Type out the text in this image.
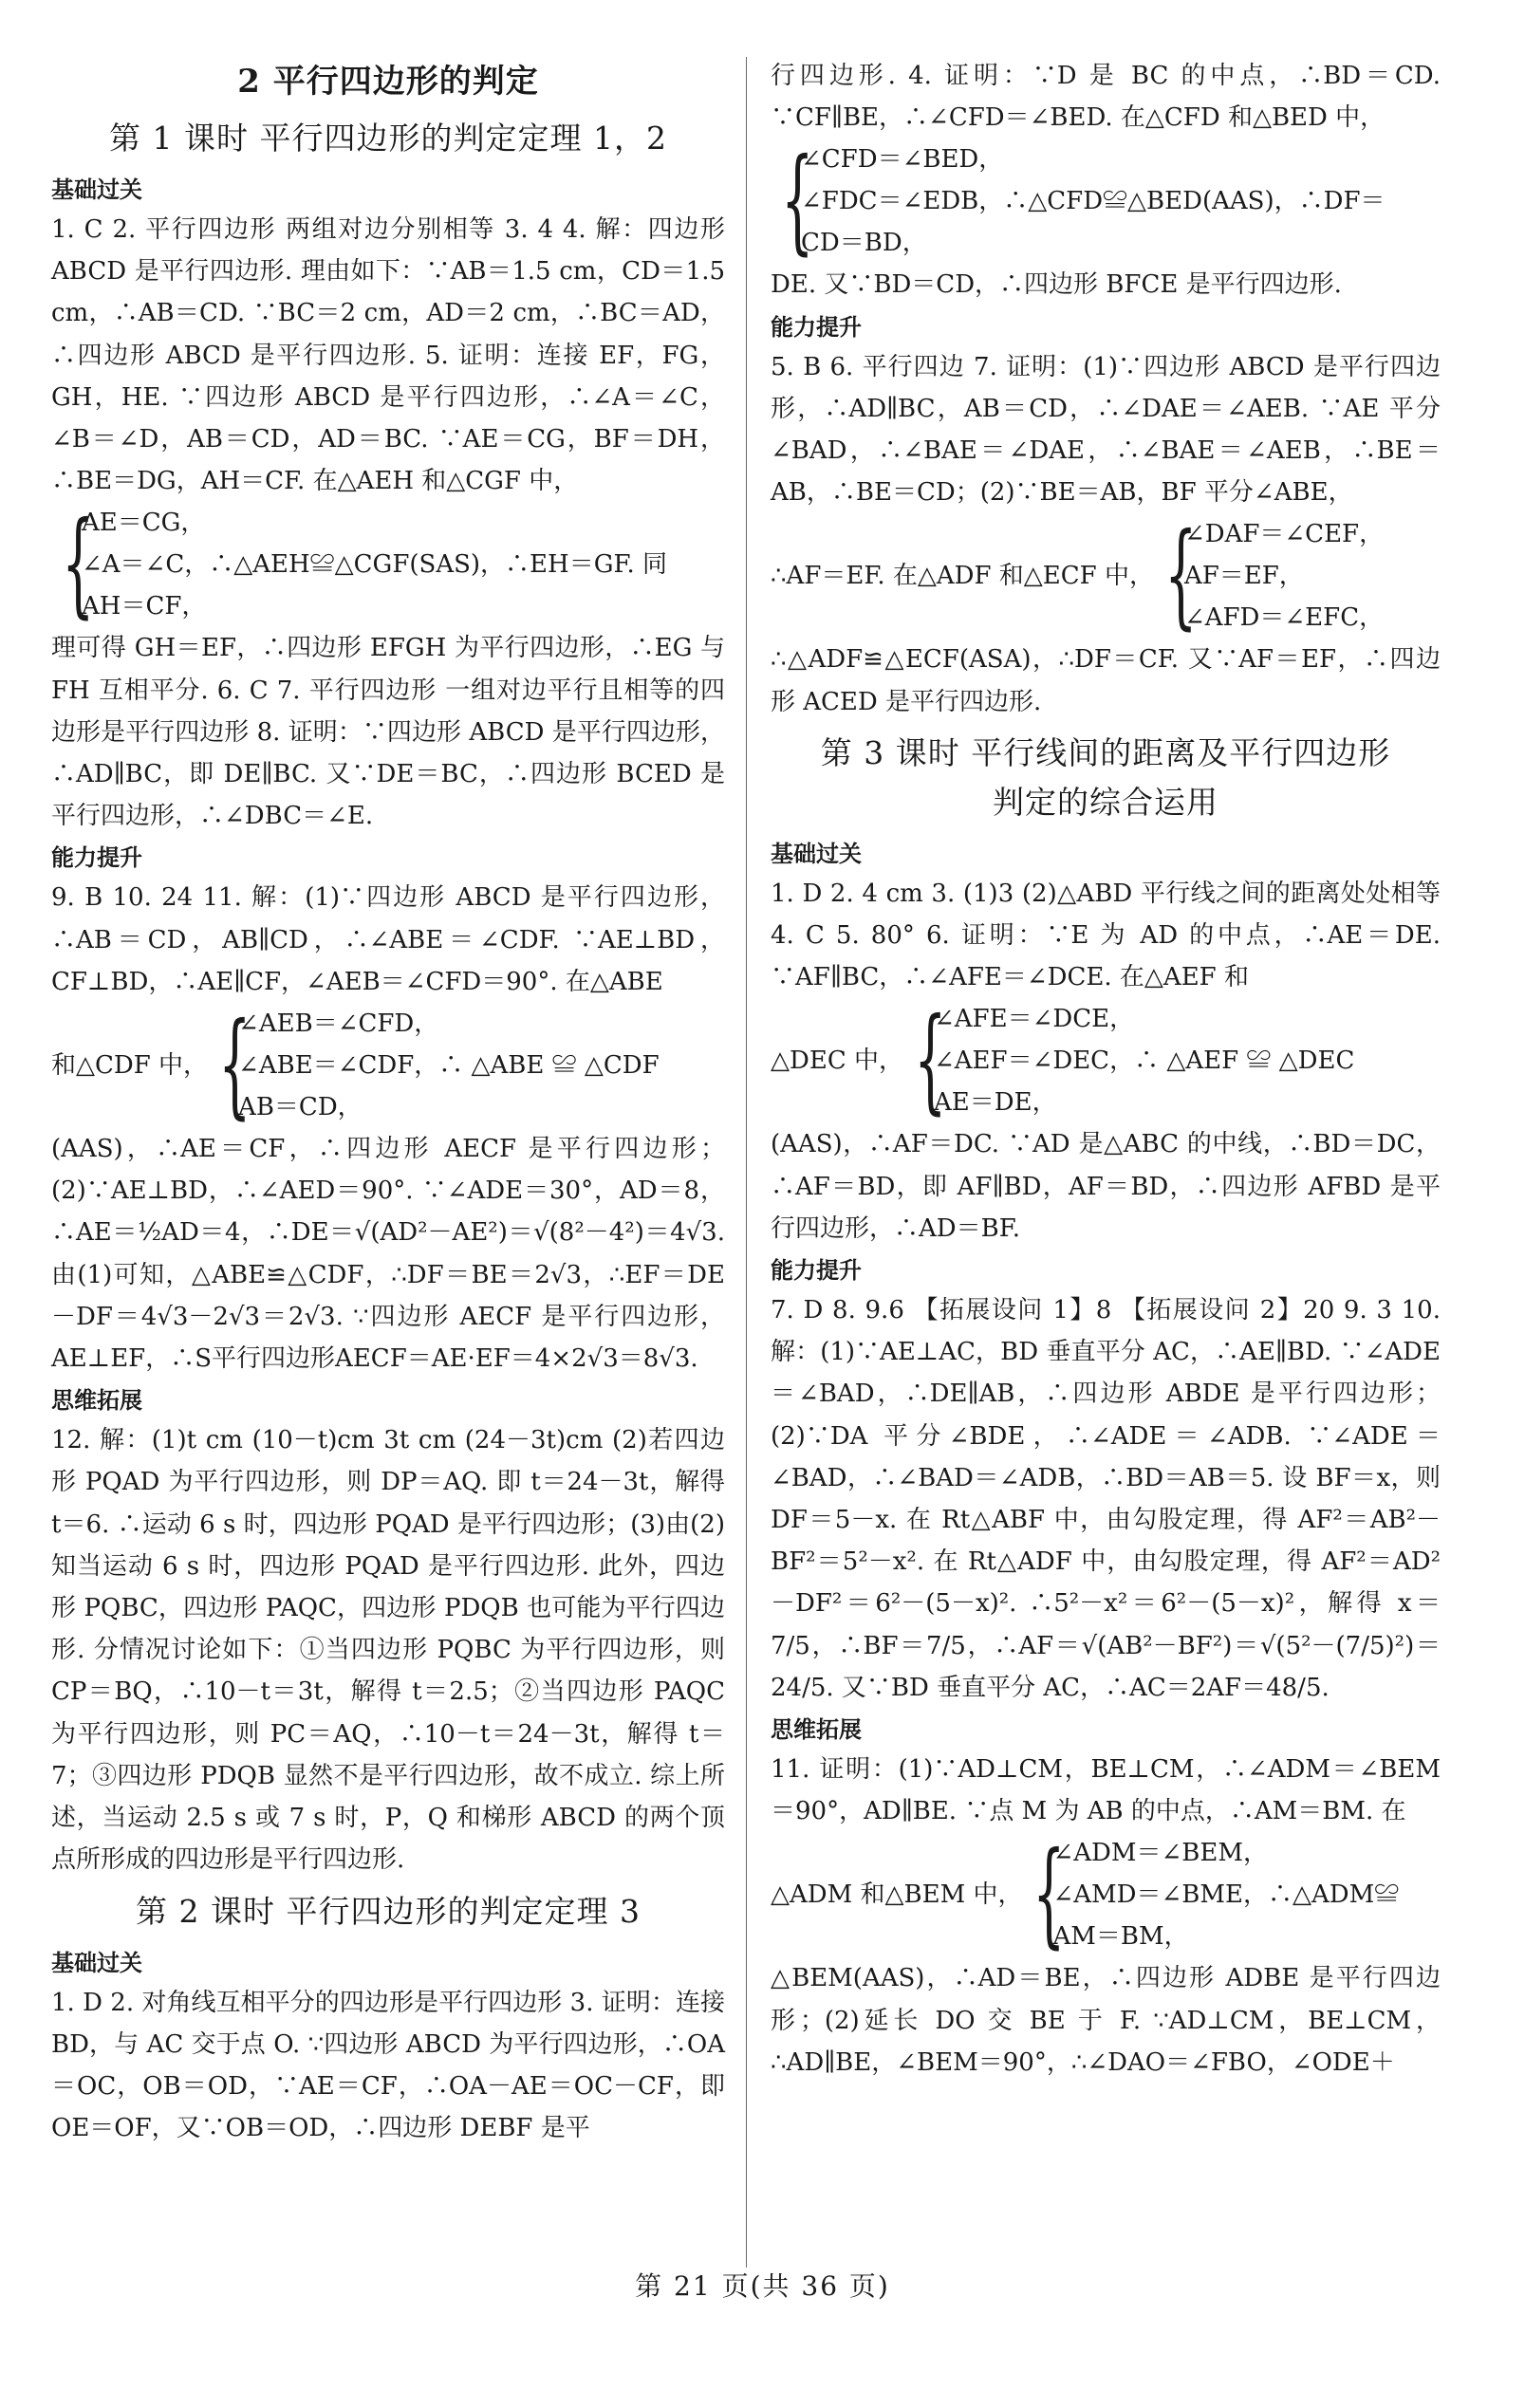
2 平行四边形的判定
第 1 课时 平行四边形的判定定理 1，2
基础过关
1. C 2. 平行四边形 两组对边分别相等 3. 4 4. 解：四边形 ABCD 是平行四边形. 理由如下：∵AB＝1.5 cm，CD＝1.5 cm，∴AB＝CD. ∵BC＝2 cm，AD＝2 cm，∴BC＝AD，∴四边形 ABCD 是平行四边形. 5. 证明：连接 EF，FG，GH，HE. ∵四边形 ABCD 是平行四边形，∴∠A＝∠C，∠B＝∠D，AB＝CD，AD＝BC. ∵AE＝CG，BF＝DH，∴BE＝DG，AH＝CF. 在△AEH 和△CGF 中，
{
AE＝CG，
∠A＝∠C，∴△AEH≌△CGF(SAS)，∴EH＝GF. 同
AH＝CF，
理可得 GH＝EF，∴四边形 EFGH 为平行四边形，∴EG 与 FH 互相平分. 6. C 7. 平行四边形 一组对边平行且相等的四边形是平行四边形 8. 证明：∵四边形 ABCD 是平行四边形，∴AD∥BC，即 DE∥BC. 又∵DE＝BC，∴四边形 BCED 是平行四边形，∴∠DBC＝∠E.
能力提升
9. B 10. 24 11. 解：(1)∵四边形 ABCD 是平行四边形，∴AB＝CD，AB∥CD，∴∠ABE＝∠CDF. ∵AE⊥BD，CF⊥BD，∴AE∥CF，∠AEB＝∠CFD＝90°. 在△ABE
和△CDF 中， {
∠AEB＝∠CFD，
∠ABE＝∠CDF，∴ △ABE ≌ △CDF
AB＝CD，
(AAS)，∴AE＝CF，∴四边形 AECF 是平行四边形；(2)∵AE⊥BD，∴∠AED＝90°. ∵∠ADE＝30°，AD＝8，∴AE＝½AD＝4，∴DE＝√(AD²－AE²)＝√(8²－4²)＝4√3. 由(1)可知，△ABE≌△CDF，∴DF＝BE＝2√3，∴EF＝DE－DF＝4√3－2√3＝2√3. ∵四边形 AECF 是平行四边形，AE⊥EF，∴S平行四边形AECF＝AE·EF＝4×2√3＝8√3.
思维拓展
12. 解：(1)t cm (10－t)cm 3t cm (24－3t)cm (2)若四边形 PQAD 为平行四边形，则 DP＝AQ. 即 t＝24－3t，解得 t＝6. ∴运动 6 s 时，四边形 PQAD 是平行四边形；(3)由(2)知当运动 6 s 时，四边形 PQAD 是平行四边形. 此外，四边形 PQBC，四边形 PAQC，四边形 PDQB 也可能为平行四边形. 分情况讨论如下：①当四边形 PQBC 为平行四边形，则 CP＝BQ，∴10－t＝3t，解得 t＝2.5；②当四边形 PAQC 为平行四边形，则 PC＝AQ，∴10－t＝24－3t，解得 t＝7；③四边形 PDQB 显然不是平行四边形，故不成立. 综上所述，当运动 2.5 s 或 7 s 时，P，Q 和梯形 ABCD 的两个顶点所形成的四边形是平行四边形.
第 2 课时 平行四边形的判定定理 3
基础过关
1. D 2. 对角线互相平分的四边形是平行四边形 3. 证明：连接 BD，与 AC 交于点 O. ∵四边形 ABCD 为平行四边形，∴OA＝OC，OB＝OD，∵AE＝CF，∴OA－AE＝OC－CF，即 OE＝OF，又∵OB＝OD，∴四边形 DEBF 是平
行四边形. 4. 证明：∵D 是 BC 的中点，∴BD＝CD. ∵CF∥BE，∴∠CFD＝∠BED. 在△CFD 和△BED 中，
{
∠CFD＝∠BED，
∠FDC＝∠EDB，∴△CFD≌△BED(AAS)，∴DF＝
CD＝BD，
DE. 又∵BD＝CD，∴四边形 BFCE 是平行四边形.
能力提升
5. B 6. 平行四边 7. 证明：(1)∵四边形 ABCD 是平行四边形，∴AD∥BC，AB＝CD，∴∠DAE＝∠AEB. ∵AE 平分∠BAD，∴∠BAE＝∠DAE，∴∠BAE＝∠AEB，∴BE＝AB，∴BE＝CD；(2)∵BE＝AB，BF 平分∠ABE，
∴AF＝EF. 在△ADF 和△ECF 中， {
∠DAF＝∠CEF，
AF＝EF，
∠AFD＝∠EFC，
∴△ADF≌△ECF(ASA)，∴DF＝CF. 又∵AF＝EF，∴四边形 ACED 是平行四边形.
第 3 课时 平行线间的距离及平行四边形
判定的综合运用
基础过关
1. D 2. 4 cm 3. (1)3 (2)△ABD 平行线之间的距离处处相等 4. C 5. 80° 6. 证明：∵E 为 AD 的中点，∴AE＝DE. ∵AF∥BC，∴∠AFE＝∠DCE. 在△AEF 和
△DEC 中， {
∠AFE＝∠DCE，
∠AEF＝∠DEC，∴ △AEF ≌ △DEC
AE＝DE，
(AAS)，∴AF＝DC. ∵AD 是△ABC 的中线，∴BD＝DC，∴AF＝BD，即 AF∥BD，AF＝BD，∴四边形 AFBD 是平行四边形，∴AD＝BF.
能力提升
7. D 8. 9.6 【拓展设问 1】8 【拓展设问 2】20 9. 3 10. 解：(1)∵AE⊥AC，BD 垂直平分 AC，∴AE∥BD. ∵∠ADE＝∠BAD，∴DE∥AB，∴四边形 ABDE 是平行四边形；(2)∵DA 平分∠BDE，∴∠ADE＝∠ADB. ∵∠ADE＝∠BAD，∴∠BAD＝∠ADB，∴BD＝AB＝5. 设 BF＝x，则 DF＝5－x. 在 Rt△ABF 中，由勾股定理，得 AF²＝AB²－BF²＝5²－x². 在 Rt△ADF 中，由勾股定理，得 AF²＝AD²－DF²＝6²－(5－x)². ∴5²－x²＝6²－(5－x)²，解得 x＝7/5，∴BF＝7/5，∴AF＝√(AB²－BF²)＝√(5²－(7/5)²)＝24/5. 又∵BD 垂直平分 AC，∴AC＝2AF＝48/5.
思维拓展
11. 证明：(1)∵AD⊥CM，BE⊥CM，∴∠ADM＝∠BEM＝90°，AD∥BE. ∵点 M 为 AB 的中点，∴AM＝BM. 在
△ADM 和△BEM 中， {
∠ADM＝∠BEM，
∠AMD＝∠BME，∴△ADM≌
AM＝BM，
△BEM(AAS)，∴AD＝BE，∴四边形 ADBE 是平行四边形；(2)延长 DO 交 BE 于 F. ∵AD⊥CM，BE⊥CM，∴AD∥BE，∠BEM＝90°，∴∠DAO＝∠FBO，∠ODE＋
第 21 页(共 36 页)
